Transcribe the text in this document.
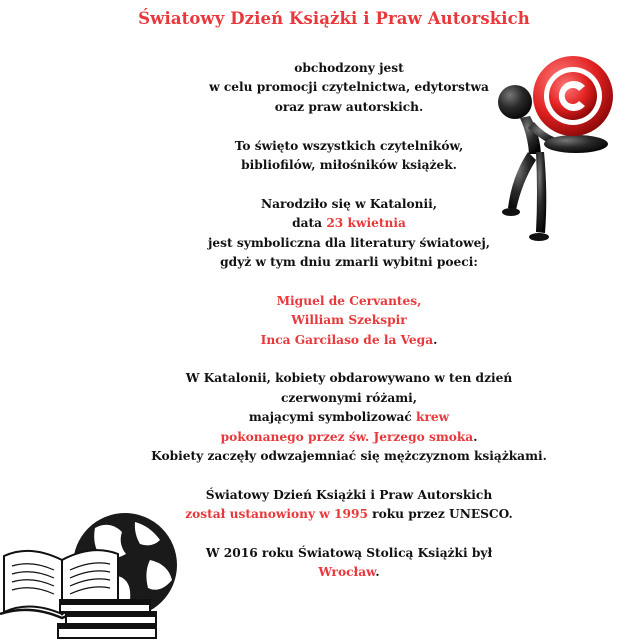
Światowy Dzień Książki i Praw Autorskich
obchodzony jest
w celu promocji czytelnictwa, edytorstwa
oraz praw autorskich.
To święto wszystkich czytelników,
bibliofilów, miłośników książek.
Narodziło się w Katalonii,
data 23 kwietnia
jest symboliczna dla literatury światowej,
gdyż w tym dniu zmarli wybitni poeci:
Miguel de Cervantes,
William Szekspir
Inca Garcilaso de la Vega.
W Katalonii, kobiety obdarowywano w ten dzień
czerwonymi różami,
mającymi symbolizować krew
pokonanego przez św. Jerzego smoka.
Kobiety zaczęły odwzajemniać się mężczyznom książkami.
Światowy Dzień Książki i Praw Autorskich
został ustanowiony w 1995 roku przez UNESCO.
W 2016 roku Światową Stolicą Książki był
Wrocław.
